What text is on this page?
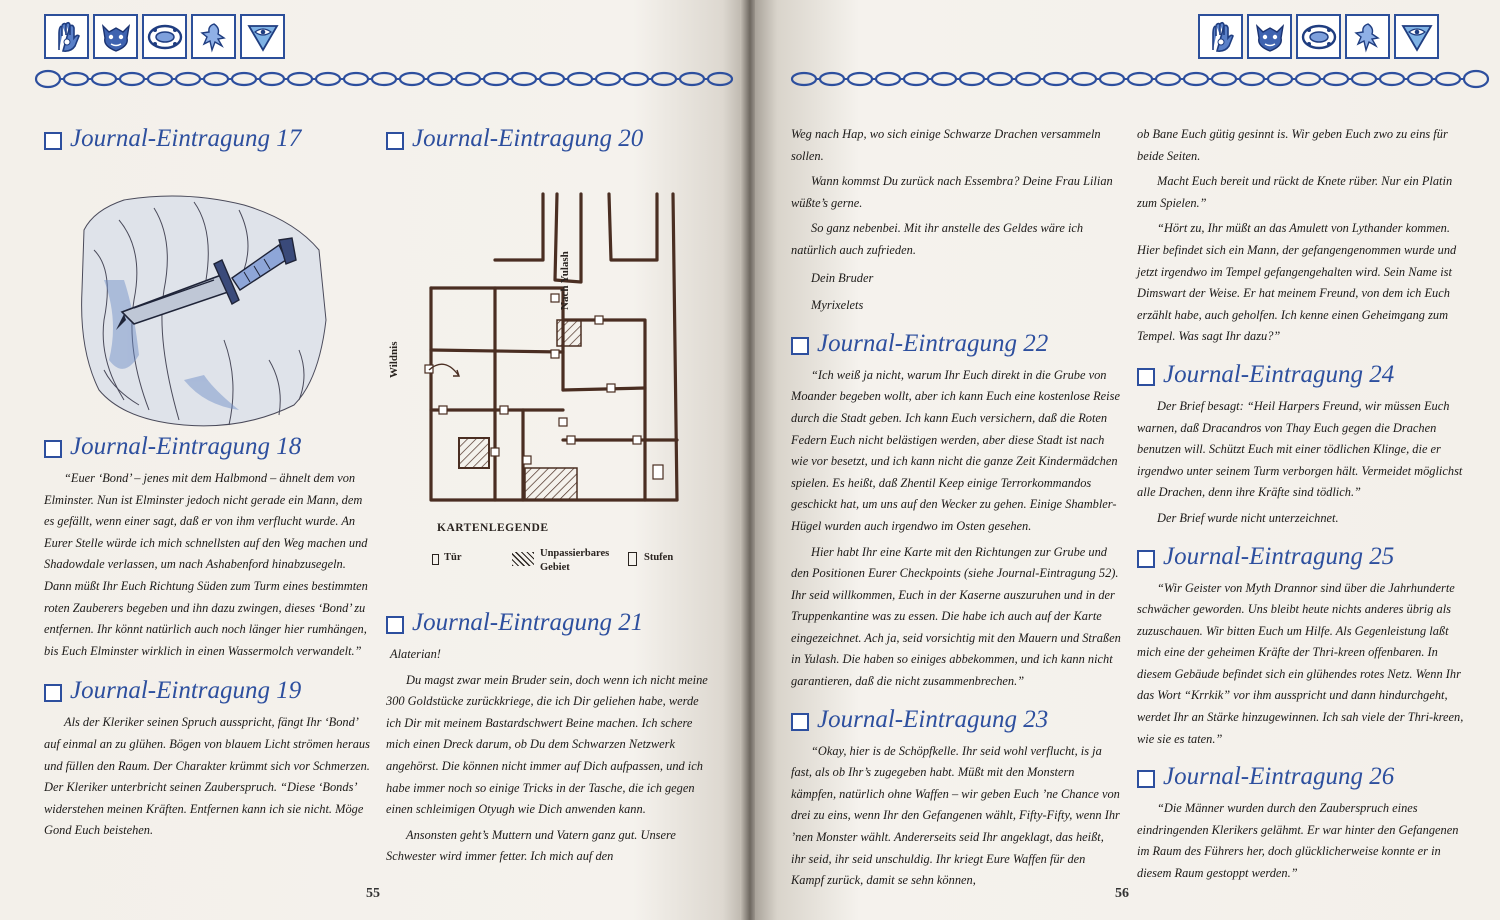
Journal-Eintragung 17
Journal-Eintragung 18

“Euer ‘Bond’ – jenes mit dem Halbmond – ähnelt dem von Elminster. Nun ist Elminster jedoch nicht gerade ein Mann, dem es gefällt, wenn einer sagt, daß er von ihm verflucht wurde. An Eurer Stelle würde ich mich schnellsten auf den Weg machen und Shadowdale verlassen, um nach Ashabenford hinabzusegeln. Dann müßt Ihr Euch Richtung Süden zum Turm eines bestimmten roten Zauberers begeben und ihn dazu zwingen, dieses ‘Bond’ zu entfernen. Ihr könnt natürlich auch noch länger hier rumhängen, bis Euch Elminster wirklich in einen Wassermolch verwandelt.”

Journal-Eintragung 19

Als der Kleriker seinen Spruch ausspricht, fängt Ihr ‘Bond’ auf einmal an zu glühen. Bögen von blauem Licht strömen heraus und füllen den Raum. Der Charakter krümmt sich vor Schmerzen. Der Kleriker unterbricht seinen Zauberspruch. “Diese ‘Bonds’ widerstehen meinen Kräften. Entfernen kann ich sie nicht. Möge Gond Euch beistehen.

Journal-Eintragung 20
Wildnis
Nach Yulash
KARTENLEGENDE
Tür	Unpassierbares
Gebiet
Stufen
Journal-Eintragung 21

Alaterian!

Du magst zwar mein Bruder sein, doch wenn ich nicht meine 300 Goldstücke zurückkriege, die ich Dir geliehen habe, werde ich Dir mit meinem Bastardschwert Beine machen. Ich schere mich einen Dreck darum, ob Du dem Schwarzen Netzwerk angehörst. Die können nicht immer auf Dich aufpassen, und ich habe immer noch so einige Tricks in der Tasche, die ich gegen einen schleimigen Otyugh wie Dich anwenden kann.

Ansonsten geht’s Muttern und Vatern ganz gut. Unsere Schwester wird immer fetter. Ich mich auf den

55

Weg nach Hap, wo sich einige Schwarze Drachen versammeln sollen.

Wann kommst Du zurück nach Essembra? Deine Frau Lilian wüßte’s gerne.

So ganz nebenbei. Mit ihr anstelle des Geldes wäre ich natürlich auch zufrieden.

Dein Bruder

Myrixelets

Journal-Eintragung 22

“Ich weiß ja nicht, warum Ihr Euch direkt in die Grube von Moander begeben wollt, aber ich kann Euch eine kostenlose Reise durch die Stadt geben. Ich kann Euch versichern, daß die Roten Federn Euch nicht belästigen werden, aber diese Stadt ist nach wie vor besetzt, und ich kann nicht die ganze Zeit Kindermädchen spielen. Es heißt, daß Zhentil Keep einige Terrorkommandos geschickt hat, um uns auf den Wecker zu gehen. Einige Shambler-Hügel wurden auch irgendwo im Osten gesehen.

Hier habt Ihr eine Karte mit den Richtungen zur Grube und den Positionen Eurer Checkpoints (siehe Journal-Eintragung 52). Ihr seid willkommen, Euch in der Kaserne auszuruhen und in der Truppenkantine was zu essen. Die habe ich auch auf der Karte eingezeichnet. Ach ja, seid vorsichtig mit den Mauern und Straßen in Yulash. Die haben so einiges abbekommen, und ich kann nicht garantieren, daß die nicht zusammenbrechen.”

Journal-Eintragung 23

“Okay, hier is de Schöpfkelle. Ihr seid wohl verflucht, is ja fast, als ob Ihr’s zugegeben habt. Müßt mit den Monstern kämpfen, natürlich ohne Waffen – wir geben Euch ’ne Chance von drei zu eins, wenn Ihr den Gefangenen wählt, Fifty-Fifty, wenn Ihr ’nen Monster wählt. Andererseits seid Ihr angeklagt, das heißt, ihr seid, ihr seid unschuldig. Ihr kriegt Eure Waffen für den Kampf zurück, damit se sehn können,

ob Bane Euch gütig gesinnt is. Wir geben Euch zwo zu eins für beide Seiten.

Macht Euch bereit und rückt de Knete rüber. Nur ein Platin zum Spielen.”

“Hört zu, Ihr müßt an das Amulett von Lythander kommen. Hier befindet sich ein Mann, der gefangengenommen wurde und jetzt irgendwo im Tempel gefangengehalten wird. Sein Name ist Dimswart der Weise. Er hat meinem Freund, von dem ich Euch erzählt habe, auch geholfen. Ich kenne einen Geheimgang zum Tempel. Was sagt Ihr dazu?”

Journal-Eintragung 24

Der Brief besagt: “Heil Harpers Freund, wir müssen Euch warnen, daß Dracandros von Thay Euch gegen die Drachen benutzen will. Schützt Euch mit einer tödlichen Klinge, die er irgendwo unter seinem Turm verborgen hält. Vermeidet möglichst alle Drachen, denn ihre Kräfte sind tödlich.”

Der Brief wurde nicht unterzeichnet.

Journal-Eintragung 25

“Wir Geister von Myth Drannor sind über die Jahrhunderte schwächer geworden. Uns bleibt heute nichts anderes übrig als zuzuschauen. Wir bitten Euch um Hilfe. Als Gegenleistung laßt mich eine der geheimen Kräfte der Thri-kreen offenbaren. In diesem Gebäude befindet sich ein glühendes rotes Netz. Wenn Ihr das Wort “Krrkik” vor ihm ausspricht und dann hindurchgeht, werdet Ihr an Stärke hinzugewinnen. Ich sah viele der Thri-kreen, wie sie es taten.”

Journal-Eintragung 26

“Die Männer wurden durch den Zauberspruch eines eindringenden Klerikers gelähmt. Er war hinter den Gefangenen im Raum des Führers her, doch glücklicherweise konnte er in diesem Raum gestoppt werden.”

56
